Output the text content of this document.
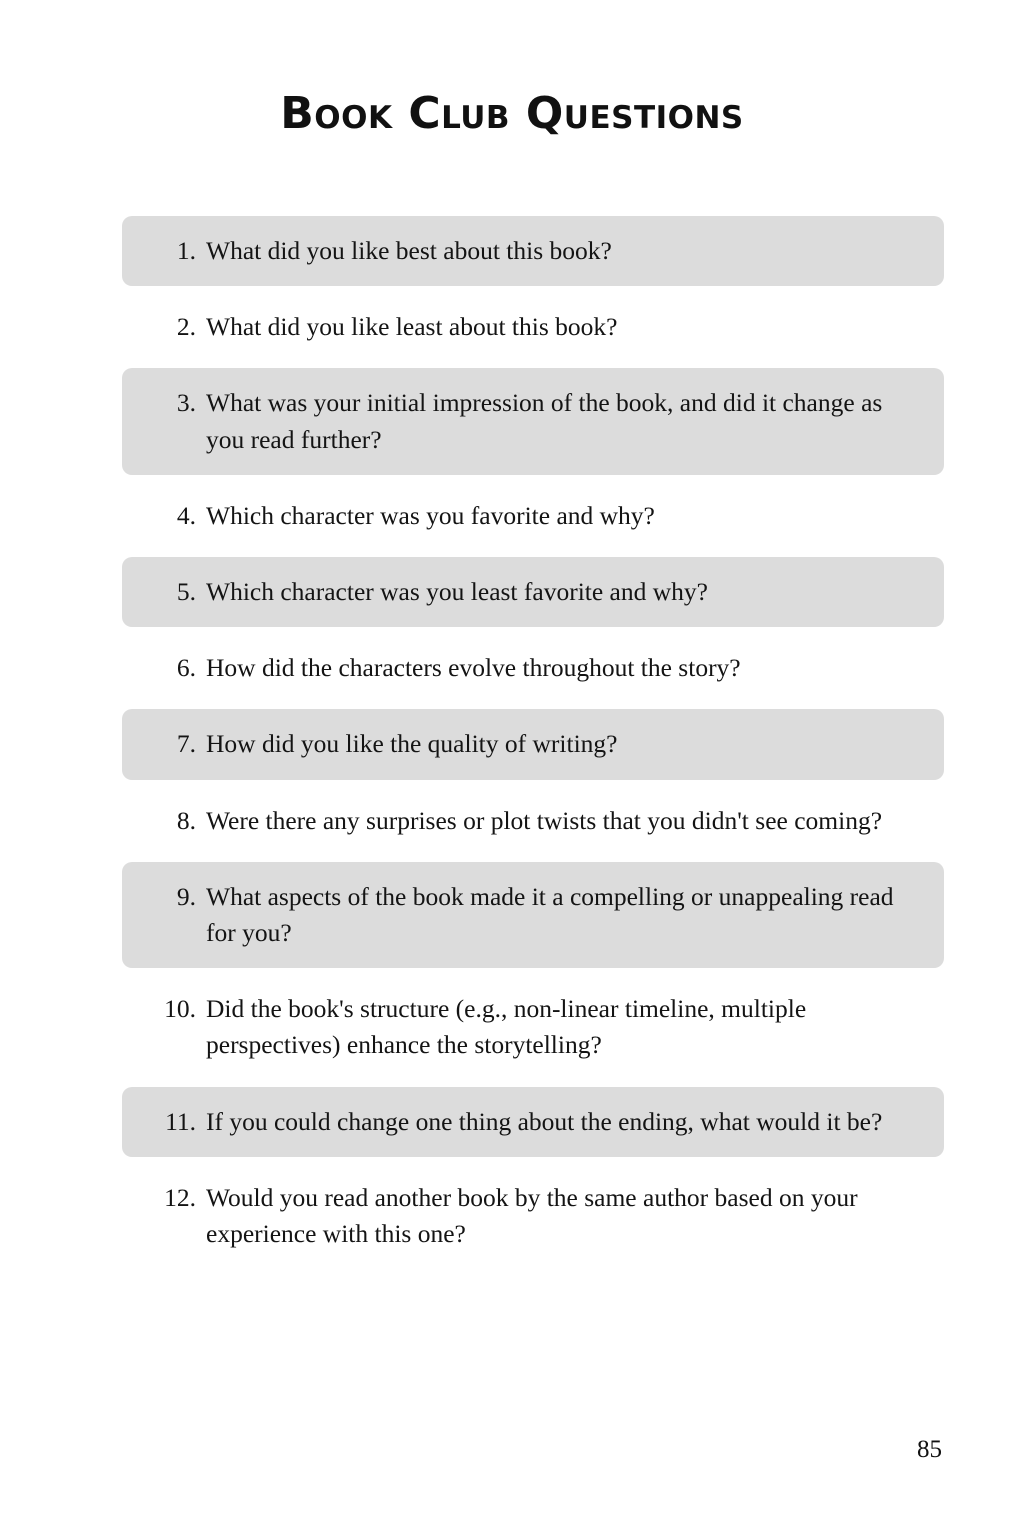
Book Club Questions
1. What did you like best about this book?
2. What did you like least about this book?
3. What was your initial impression of the book, and did it change as you read further?
4. Which character was you favorite and why?
5. Which character was you least favorite and why?
6. How did the characters evolve throughout the story?
7. How did you like the quality of writing?
8. Were there any surprises or plot twists that you didn't see coming?
9. What aspects of the book made it a compelling or unappealing read for you?
10. Did the book's structure (e.g., non-linear timeline, multiple perspectives) enhance the storytelling?
11. If you could change one thing about the ending, what would it be?
12. Would you read another book by the same author based on your experience with this one?
85
